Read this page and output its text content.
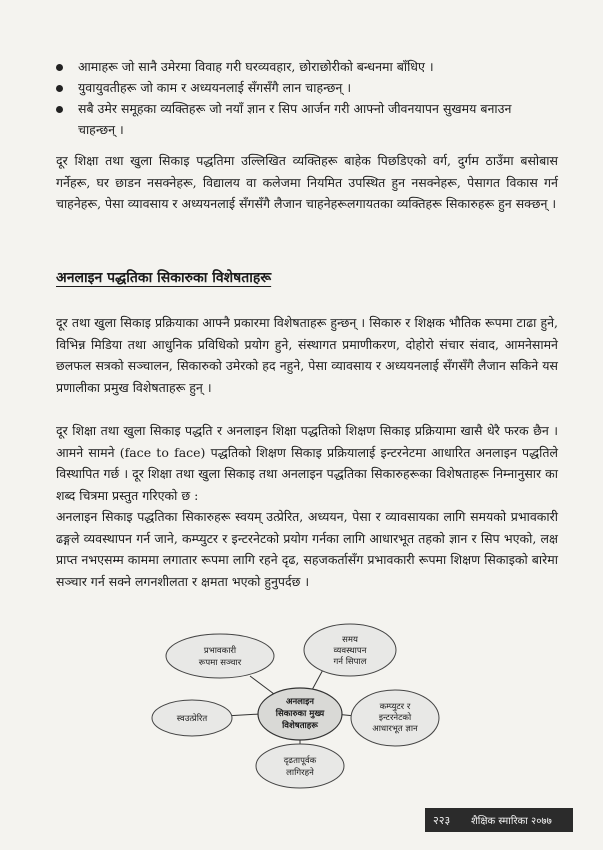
आमाहरू जो सानै उमेरमा विवाह गरी घरव्यवहार, छोराछोरीको बन्धनमा बाँधिए ।
युवायुवतीहरू जो काम र अध्ययनलाई सँगसँगै लान चाहन्छन् ।
सबै उमेर समूहका व्यक्तिहरू जो नयाँ ज्ञान र सिप आर्जन गरी आफ्नो जीवनयापन सुखमय बनाउन चाहन्छन् ।

दूर शिक्षा तथा खुला सिकाइ पद्धतिमा उल्लिखित व्यक्तिहरू बाहेक पिछडिएको वर्ग, दुर्गम ठाउँमा बसोबास गर्नेहरू, घर छाडन नसक्नेहरू, विद्यालय वा कलेजमा नियमित उपस्थित हुन नसक्नेहरू, पेसागत विकास गर्न चाहनेहरू, पेसा व्यावसाय र अध्ययनलाई सँगसँगै लैजान चाहनेहरूलगायतका व्यक्तिहरू सिकारुहरू हुन सक्छन् ।

अनलाइन पद्धतिका सिकारुका विशेषताहरू

दूर तथा खुला सिकाइ प्रक्रियाका आफ्नै प्रकारमा विशेषताहरू हुन्छन् । सिकारु र शिक्षक भौतिक रूपमा टाढा हुने, विभिन्न मिडिया तथा आधुनिक प्रविधिको प्रयोग हुने, संस्थागत प्रमाणीकरण, दोहोरो संचार संवाद, आमनेसामने छलफल सत्रको सञ्चालन, सिकारुको उमेरको हद नहुने, पेसा व्यावसाय र अध्ययनलाई सँगसँगै लैजान सकिने यस प्रणालीका प्रमुख विशेषताहरू हुन् ।

दूर शिक्षा तथा खुला सिकाइ पद्धति र अनलाइन शिक्षा पद्धतिको शिक्षण सिकाइ प्रक्रियामा खासै धेरै फरक छैन । आमने सामने (face to face) पद्धतिको शिक्षण सिकाइ प्रक्रियालाई इन्टरनेटमा आधारित अनलाइन पद्धतिले विस्थापित गर्छ । दूर शिक्षा तथा खुला सिकाइ तथा अनलाइन पद्धतिका सिकारुहरूका विशेषताहरू निम्नानुसार का शब्द चित्रमा प्रस्तुत गरिएको छ :

अनलाइन सिकाइ पद्धतिका सिकारुहरू स्वयम् उत्प्रेरित, अध्ययन, पेसा र व्यावसायका लागि समयको प्रभावकारी ढङ्गले व्यवस्थापन गर्न जाने, कम्प्युटर र इन्टरनेटको प्रयोग गर्नका लागि आधारभूत तहको ज्ञान र सिप भएको, लक्ष प्राप्त नभएसम्म काममा लगातार रूपमा लागि रहने दृढ, सहजकर्तासँग प्रभावकारी रूपमा शिक्षण सिकाइको बारेमा सञ्चार गर्न सक्ने लगनशीलता र क्षमता भएको हुनुपर्दछ ।

प्रभावकारी
रूपमा सञ्चार
समय
व्यवस्थापन
गर्न सिपाल
स्वउत्प्रेरित
कम्प्युटर र
इन्टरनेटको
आधारभूत ज्ञान
दृढतापूर्वक
लागिरहने
अनलाइन
सिकारुका मुख्य
विशेषताहरू
२२३ शैक्षिक स्मारिका २०७७
